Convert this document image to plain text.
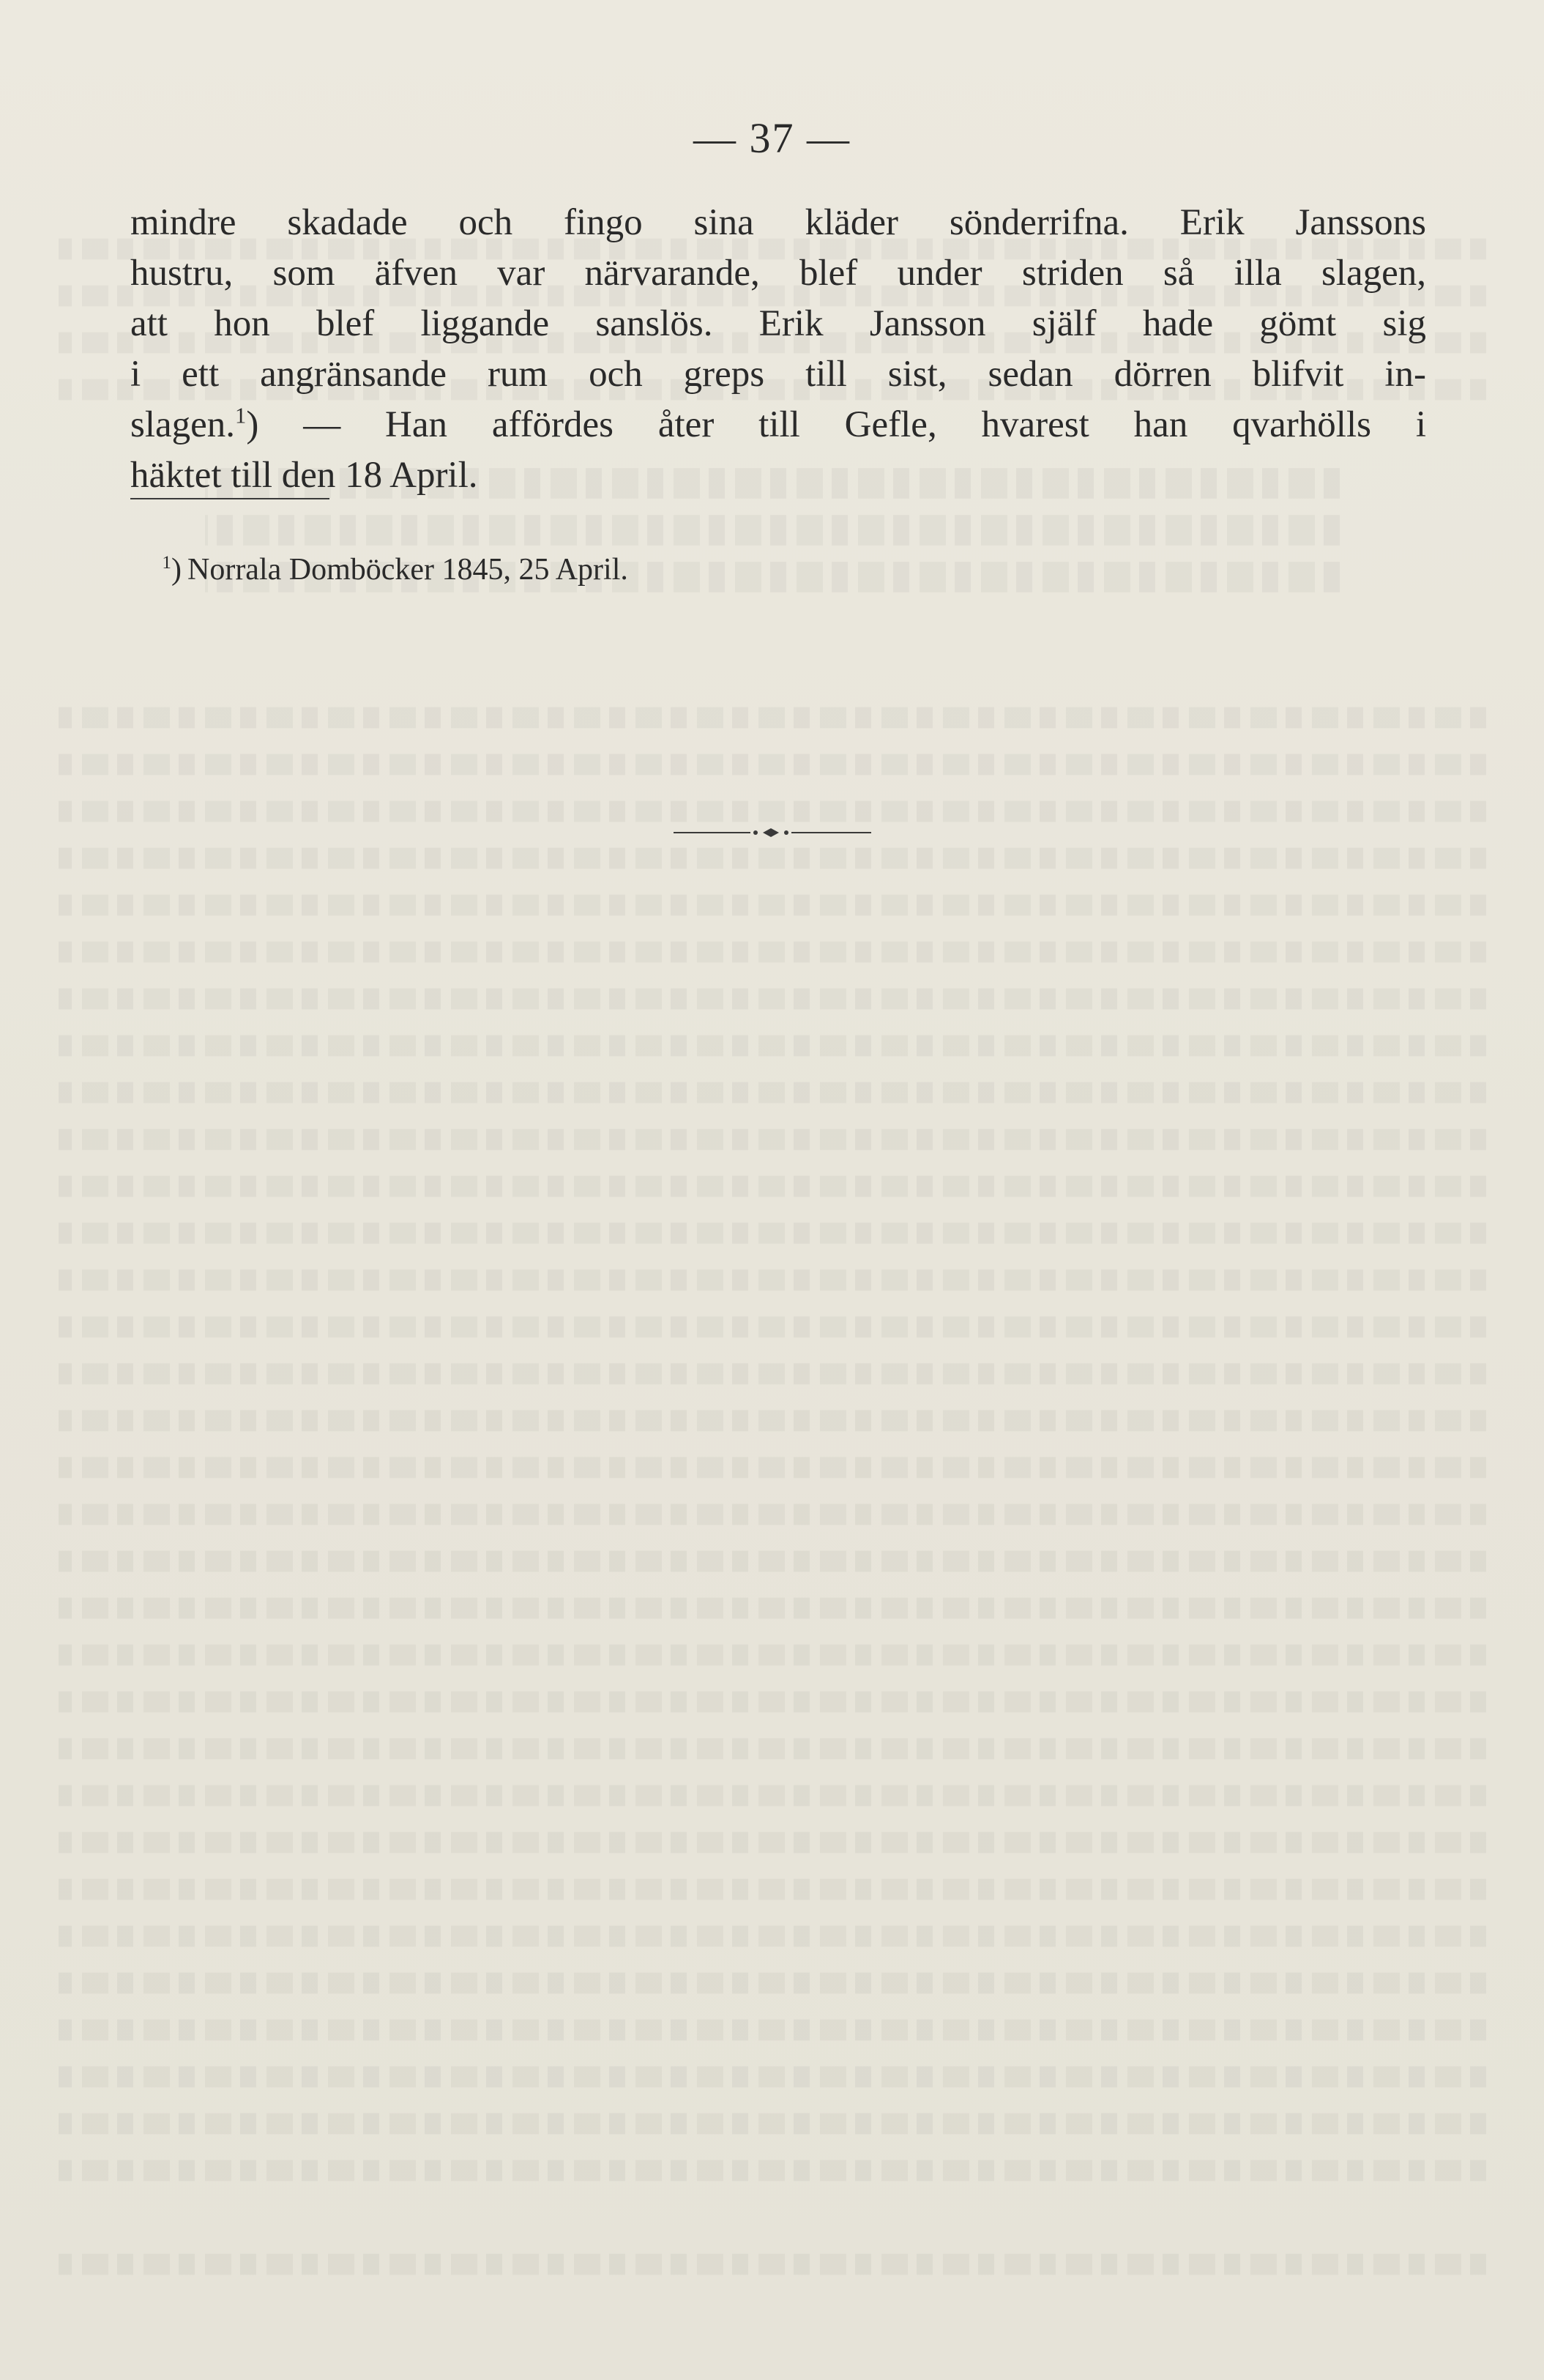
— 37 —
mindre skadade och fingo sina kläder sönderrifna. Erik Janssons
hustru, som äfven var närvarande, blef under striden så illa slagen,
att hon blef liggande sanslös. Erik Jansson själf hade gömt sig
i ett angränsande rum och greps till sist, sedan dörren blifvit in-
slagen.$^1$) — Han affördes åter till Gefle, hvarest han qvarhölls i
häktet till den 18 April.
$^1$) Norrala Domböcker 1845, 25 April.
